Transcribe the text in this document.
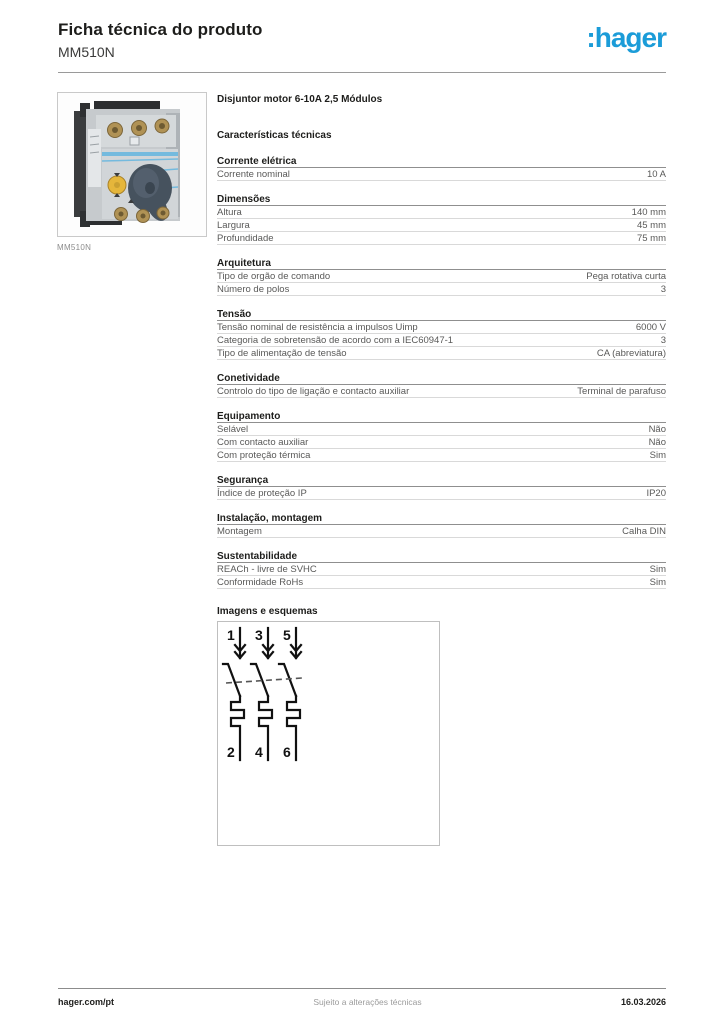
Ficha técnica do produto
MM510N	:hager
MM510N
Disjuntor motor 6-10A 2,5 Módulos
Características técnicas
Corrente elétrica
Corrente nominal	10 A
Dimensões
Altura	140 mm
Largura	45 mm
Profundidade	75 mm
Arquitetura
Tipo de orgão de comando	Pega rotativa curta
Número de polos	3
Tensão
Tensão nominal de resistência a impulsos Uimp	6000 V
Categoria de sobretensão de acordo com a IEC60947-1	3
Tipo de alimentação de tensão	CA (abreviatura)
Conetividade
Controlo do tipo de ligação e contacto auxiliar	Terminal de parafuso
Equipamento
Selável	Não
Com contacto auxiliar	Não
Com proteção térmica	Sim
Segurança
Índice de proteção IP	IP20
Instalação, montagem
Montagem	Calha DIN
Sustentabilidade
REACh - livre de SVHC	Sim
Conformidade RoHs	Sim
Imagens e esquemas
1 3 5
2 4 6
hager.com/pt	Sujeito a alterações técnicas	16.03.2026
